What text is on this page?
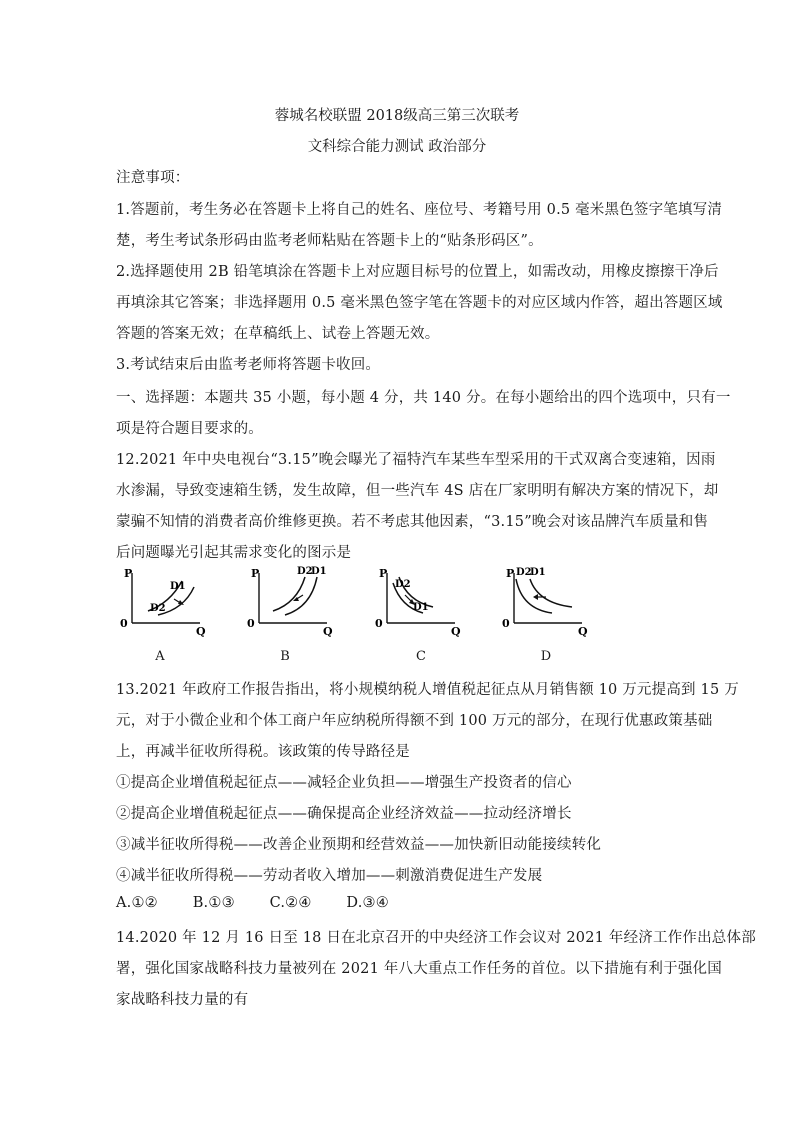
蓉城名校联盟 2018级高三第三次联考
文科综合能力测试 政治部分
注意事项：
1.答题前，考生务必在答题卡上将自己的姓名、座位号、考籍号用 0.5 毫米黑色签字笔填写清
楚，考生考试条形码由监考老师粘贴在答题卡上的“贴条形码区”。
2.选择题使用 2B 铅笔填涂在答题卡上对应题目标号的位置上，如需改动，用橡皮擦擦干净后
再填涂其它答案；非选择题用 0.5 毫米黑色签字笔在答题卡的对应区域内作答，超出答题区域
答题的答案无效；在草稿纸上、试卷上答题无效。
3.考试结束后由监考老师将答题卡收回。
一、选择题：本题共 35 小题，每小题 4 分，共 140 分。在每小题给出的四个选项中，只有一
项是符合题目要求的。
12.2021 年中央电视台“3.15”晚会曝光了福特汽车某些车型采用的干式双离合变速箱，因雨
水渗漏，导致变速箱生锈，发生故障，但一些汽车 4S 店在厂家明明有解决方案的情况下，却
蒙骗不知情的消费者高价维修更换。若不考虑其他因素，“3.15”晚会对该品牌汽车质量和售
后问题曝光引起其需求变化的图示是
P
0
Q
D1
D2
A
P
0
Q
D2
D1
B
P
0
Q
D2
D1
C
P
0
Q
D2
D1
D
13.2021 年政府工作报告指出，将小规模纳税人增值税起征点从月销售额 10 万元提高到 15 万
元，对于小微企业和个体工商户年应纳税所得额不到 100 万元的部分，在现行优惠政策基础
上，再减半征收所得税。该政策的传导路径是
①提高企业增值税起征点——减轻企业负担——增强生产投资者的信心
②提高企业增值税起征点——确保提高企业经济效益——拉动经济增长
③减半征收所得税——改善企业预期和经营效益——加快新旧动能接续转化
④减半征收所得税——劳动者收入增加——刺激消费促进生产发展
A.①② B.①③ C.②④ D.③④
14.2020 年 12 月 16 日至 18 日在北京召开的中央经济工作会议对 2021 年经济工作作出总体部
署，强化国家战略科技力量被列在 2021 年八大重点工作任务的首位。以下措施有利于强化国
家战略科技力量的有
